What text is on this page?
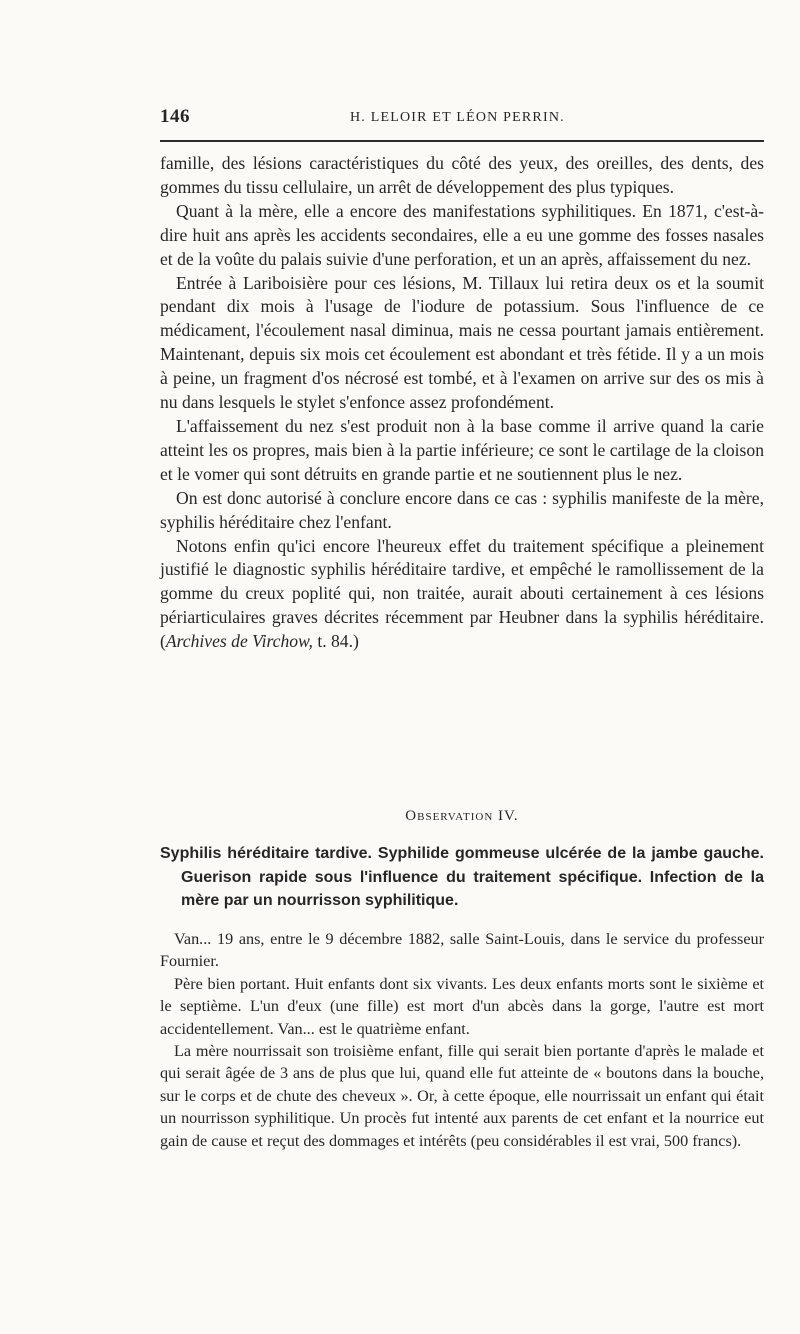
146	H. LELOIR ET LÉON PERRIN.

famille, des lésions caractéristiques du côté des yeux, des oreilles, des dents, des gommes du tissu cellulaire, un arrêt de développement des plus typiques.

Quant à la mère, elle a encore des manifestations syphilitiques. En 1871, c'est-à-dire huit ans après les accidents secondaires, elle a eu une gomme des fosses nasales et de la voûte du palais suivie d'une perforation, et un an après, affaissement du nez.

Entrée à Lariboisière pour ces lésions, M. Tillaux lui retira deux os et la soumit pendant dix mois à l'usage de l'iodure de potassium. Sous l'influence de ce médicament, l'écoulement nasal diminua, mais ne cessa pourtant jamais entièrement. Maintenant, depuis six mois cet écoulement est abondant et très fétide. Il y a un mois à peine, un fragment d'os nécrosé est tombé, et à l'examen on arrive sur des os mis à nu dans lesquels le stylet s'enfonce assez profondément.

L'affaissement du nez s'est produit non à la base comme il arrive quand la carie atteint les os propres, mais bien à la partie inférieure; ce sont le cartilage de la cloison et le vomer qui sont détruits en grande partie et ne soutiennent plus le nez.

On est donc autorisé à conclure encore dans ce cas : syphilis manifeste de la mère, syphilis héréditaire chez l'enfant.

Notons enfin qu'ici encore l'heureux effet du traitement spécifique a pleinement justifié le diagnostic syphilis héréditaire tardive, et empêché le ramollissement de la gomme du creux poplité qui, non traitée, aurait abouti certainement à ces lésions périarticulaires graves décrites récemment par Heubner dans la syphilis héréditaire. (Archives de Virchow, t. 84.)

Observation IV.
Syphilis héréditaire tardive. Syphilide gommeuse ulcérée de la jambe gauche. Guerison rapide sous l'influence du traitement spécifique. Infection de la mère par un nourrisson syphilitique.

Van... 19 ans, entre le 9 décembre 1882, salle Saint-Louis, dans le service du professeur Fournier.

Père bien portant. Huit enfants dont six vivants. Les deux enfants morts sont le sixième et le septième. L'un d'eux (une fille) est mort d'un abcès dans la gorge, l'autre est mort accidentellement. Van... est le quatrième enfant.

La mère nourrissait son troisième enfant, fille qui serait bien portante d'après le malade et qui serait âgée de 3 ans de plus que lui, quand elle fut atteinte de « boutons dans la bouche, sur le corps et de chute des cheveux ». Or, à cette époque, elle nourrissait un enfant qui était un nourrisson syphilitique. Un procès fut intenté aux parents de cet enfant et la nourrice eut gain de cause et reçut des dommages et intérêts (peu considérables il est vrai, 500 francs).
